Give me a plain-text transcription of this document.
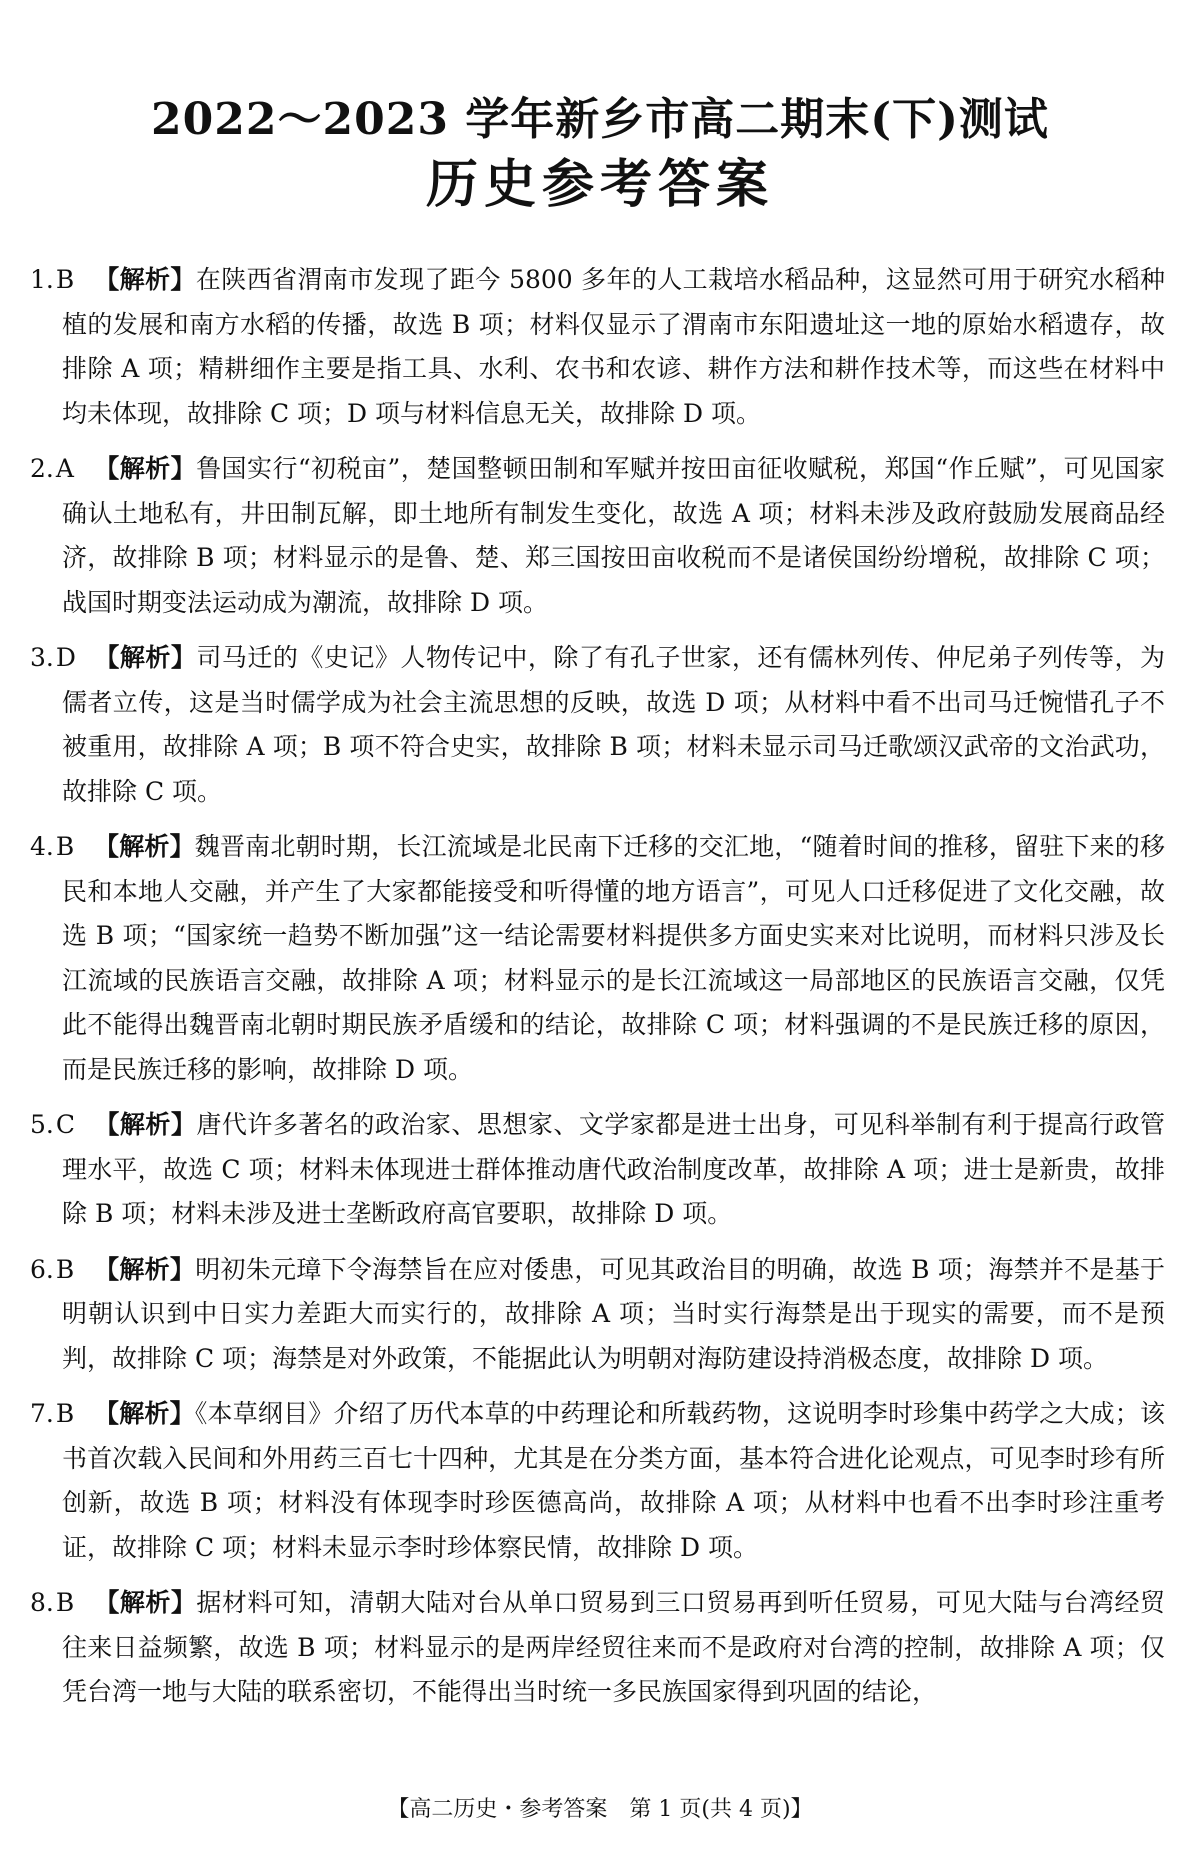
2022～2023 学年新乡市高二期末(下)测试
历史参考答案
1.B 【解析】在陕西省渭南市发现了距今 5800 多年的人工栽培水稻品种，这显然可用于研究水稻种植的发展和南方水稻的传播，故选 B 项；材料仅显示了渭南市东阳遗址这一地的原始水稻遗存，故排除 A 项；精耕细作主要是指工具、水利、农书和农谚、耕作方法和耕作技术等，而这些在材料中均未体现，故排除 C 项；D 项与材料信息无关，故排除 D 项。
2.A 【解析】鲁国实行“初税亩”，楚国整顿田制和军赋并按田亩征收赋税，郑国“作丘赋”，可见国家确认土地私有，井田制瓦解，即土地所有制发生变化，故选 A 项；材料未涉及政府鼓励发展商品经济，故排除 B 项；材料显示的是鲁、楚、郑三国按田亩收税而不是诸侯国纷纷增税，故排除 C 项；战国时期变法运动成为潮流，故排除 D 项。
3.D 【解析】司马迁的《史记》人物传记中，除了有孔子世家，还有儒林列传、仲尼弟子列传等，为儒者立传，这是当时儒学成为社会主流思想的反映，故选 D 项；从材料中看不出司马迁惋惜孔子不被重用，故排除 A 项；B 项不符合史实，故排除 B 项；材料未显示司马迁歌颂汉武帝的文治武功，故排除 C 项。
4.B 【解析】魏晋南北朝时期，长江流域是北民南下迁移的交汇地，“随着时间的推移，留驻下来的移民和本地人交融，并产生了大家都能接受和听得懂的地方语言”，可见人口迁移促进了文化交融，故选 B 项；“国家统一趋势不断加强”这一结论需要材料提供多方面史实来对比说明，而材料只涉及长江流域的民族语言交融，故排除 A 项；材料显示的是长江流域这一局部地区的民族语言交融，仅凭此不能得出魏晋南北朝时期民族矛盾缓和的结论，故排除 C 项；材料强调的不是民族迁移的原因，而是民族迁移的影响，故排除 D 项。
5.C 【解析】唐代许多著名的政治家、思想家、文学家都是进士出身，可见科举制有利于提高行政管理水平，故选 C 项；材料未体现进士群体推动唐代政治制度改革，故排除 A 项；进士是新贵，故排除 B 项；材料未涉及进士垄断政府高官要职，故排除 D 项。
6.B 【解析】明初朱元璋下令海禁旨在应对倭患，可见其政治目的明确，故选 B 项；海禁并不是基于明朝认识到中日实力差距大而实行的，故排除 A 项；当时实行海禁是出于现实的需要，而不是预判，故排除 C 项；海禁是对外政策，不能据此认为明朝对海防建设持消极态度，故排除 D 项。
7.B 【解析】《本草纲目》介绍了历代本草的中药理论和所载药物，这说明李时珍集中药学之大成；该书首次载入民间和外用药三百七十四种，尤其是在分类方面，基本符合进化论观点，可见李时珍有所创新，故选 B 项；材料没有体现李时珍医德高尚，故排除 A 项；从材料中也看不出李时珍注重考证，故排除 C 项；材料未显示李时珍体察民情，故排除 D 项。
8.B 【解析】据材料可知，清朝大陆对台从单口贸易到三口贸易再到听任贸易，可见大陆与台湾经贸往来日益频繁，故选 B 项；材料显示的是两岸经贸往来而不是政府对台湾的控制，故排除 A 项；仅凭台湾一地与大陆的联系密切，不能得出当时统一多民族国家得到巩固的结论，
【高二历史・参考答案　第 1 页(共 4 页)】
